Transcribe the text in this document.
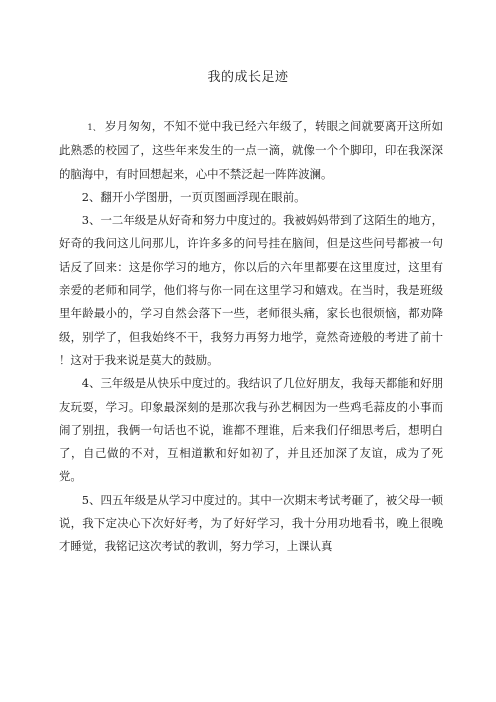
我的成长足迹

1、 岁月匆匆，不知不觉中我已经六年级了，转眼之间就要离开这所如此熟悉的校园了，这些年来发生的一点一滴，就像一个个脚印，印在我深深的脑海中，有时回想起来，心中不禁泛起一阵阵波澜。

2、翻开小学图册，一页页图画浮现在眼前。

3、一二年级是从好奇和努力中度过的。我被妈妈带到了这陌生的地方，好奇的我问这儿问那儿，许许多多的问号挂在脑间，但是这些问号都被一句话反了回来：这是你学习的地方，你以后的六年里都要在这里度过，这里有亲爱的老师和同学，他们将与你一同在这里学习和嬉戏。在当时，我是班级里年龄最小的，学习自然会落下一些，老师很头痛，家长也很烦恼，都劝降级，别学了，但我始终不干，我努力再努力地学，竟然奇迹般的考进了前十 ！这对于我来说是莫大的鼓励。

4、三年级是从快乐中度过的。我结识了几位好朋友，我每天都能和好朋友玩耍，学习。印象最深刻的是那次我与孙艺桐因为一些鸡毛蒜皮的小事而闹了别扭，我俩一句话也不说，谁都不理谁，后来我们仔细思考后，想明白了，自己做的不对，互相道歉和好如初了，并且还加深了友谊，成为了死党。

5、四五年级是从学习中度过的。其中一次期末考试考砸了，被父母一顿说，我下定决心下次好好考，为了好好学习，我十分用功地看书，晚上很晚才睡觉，我铭记这次考试的教训，努力学习，上课认真
